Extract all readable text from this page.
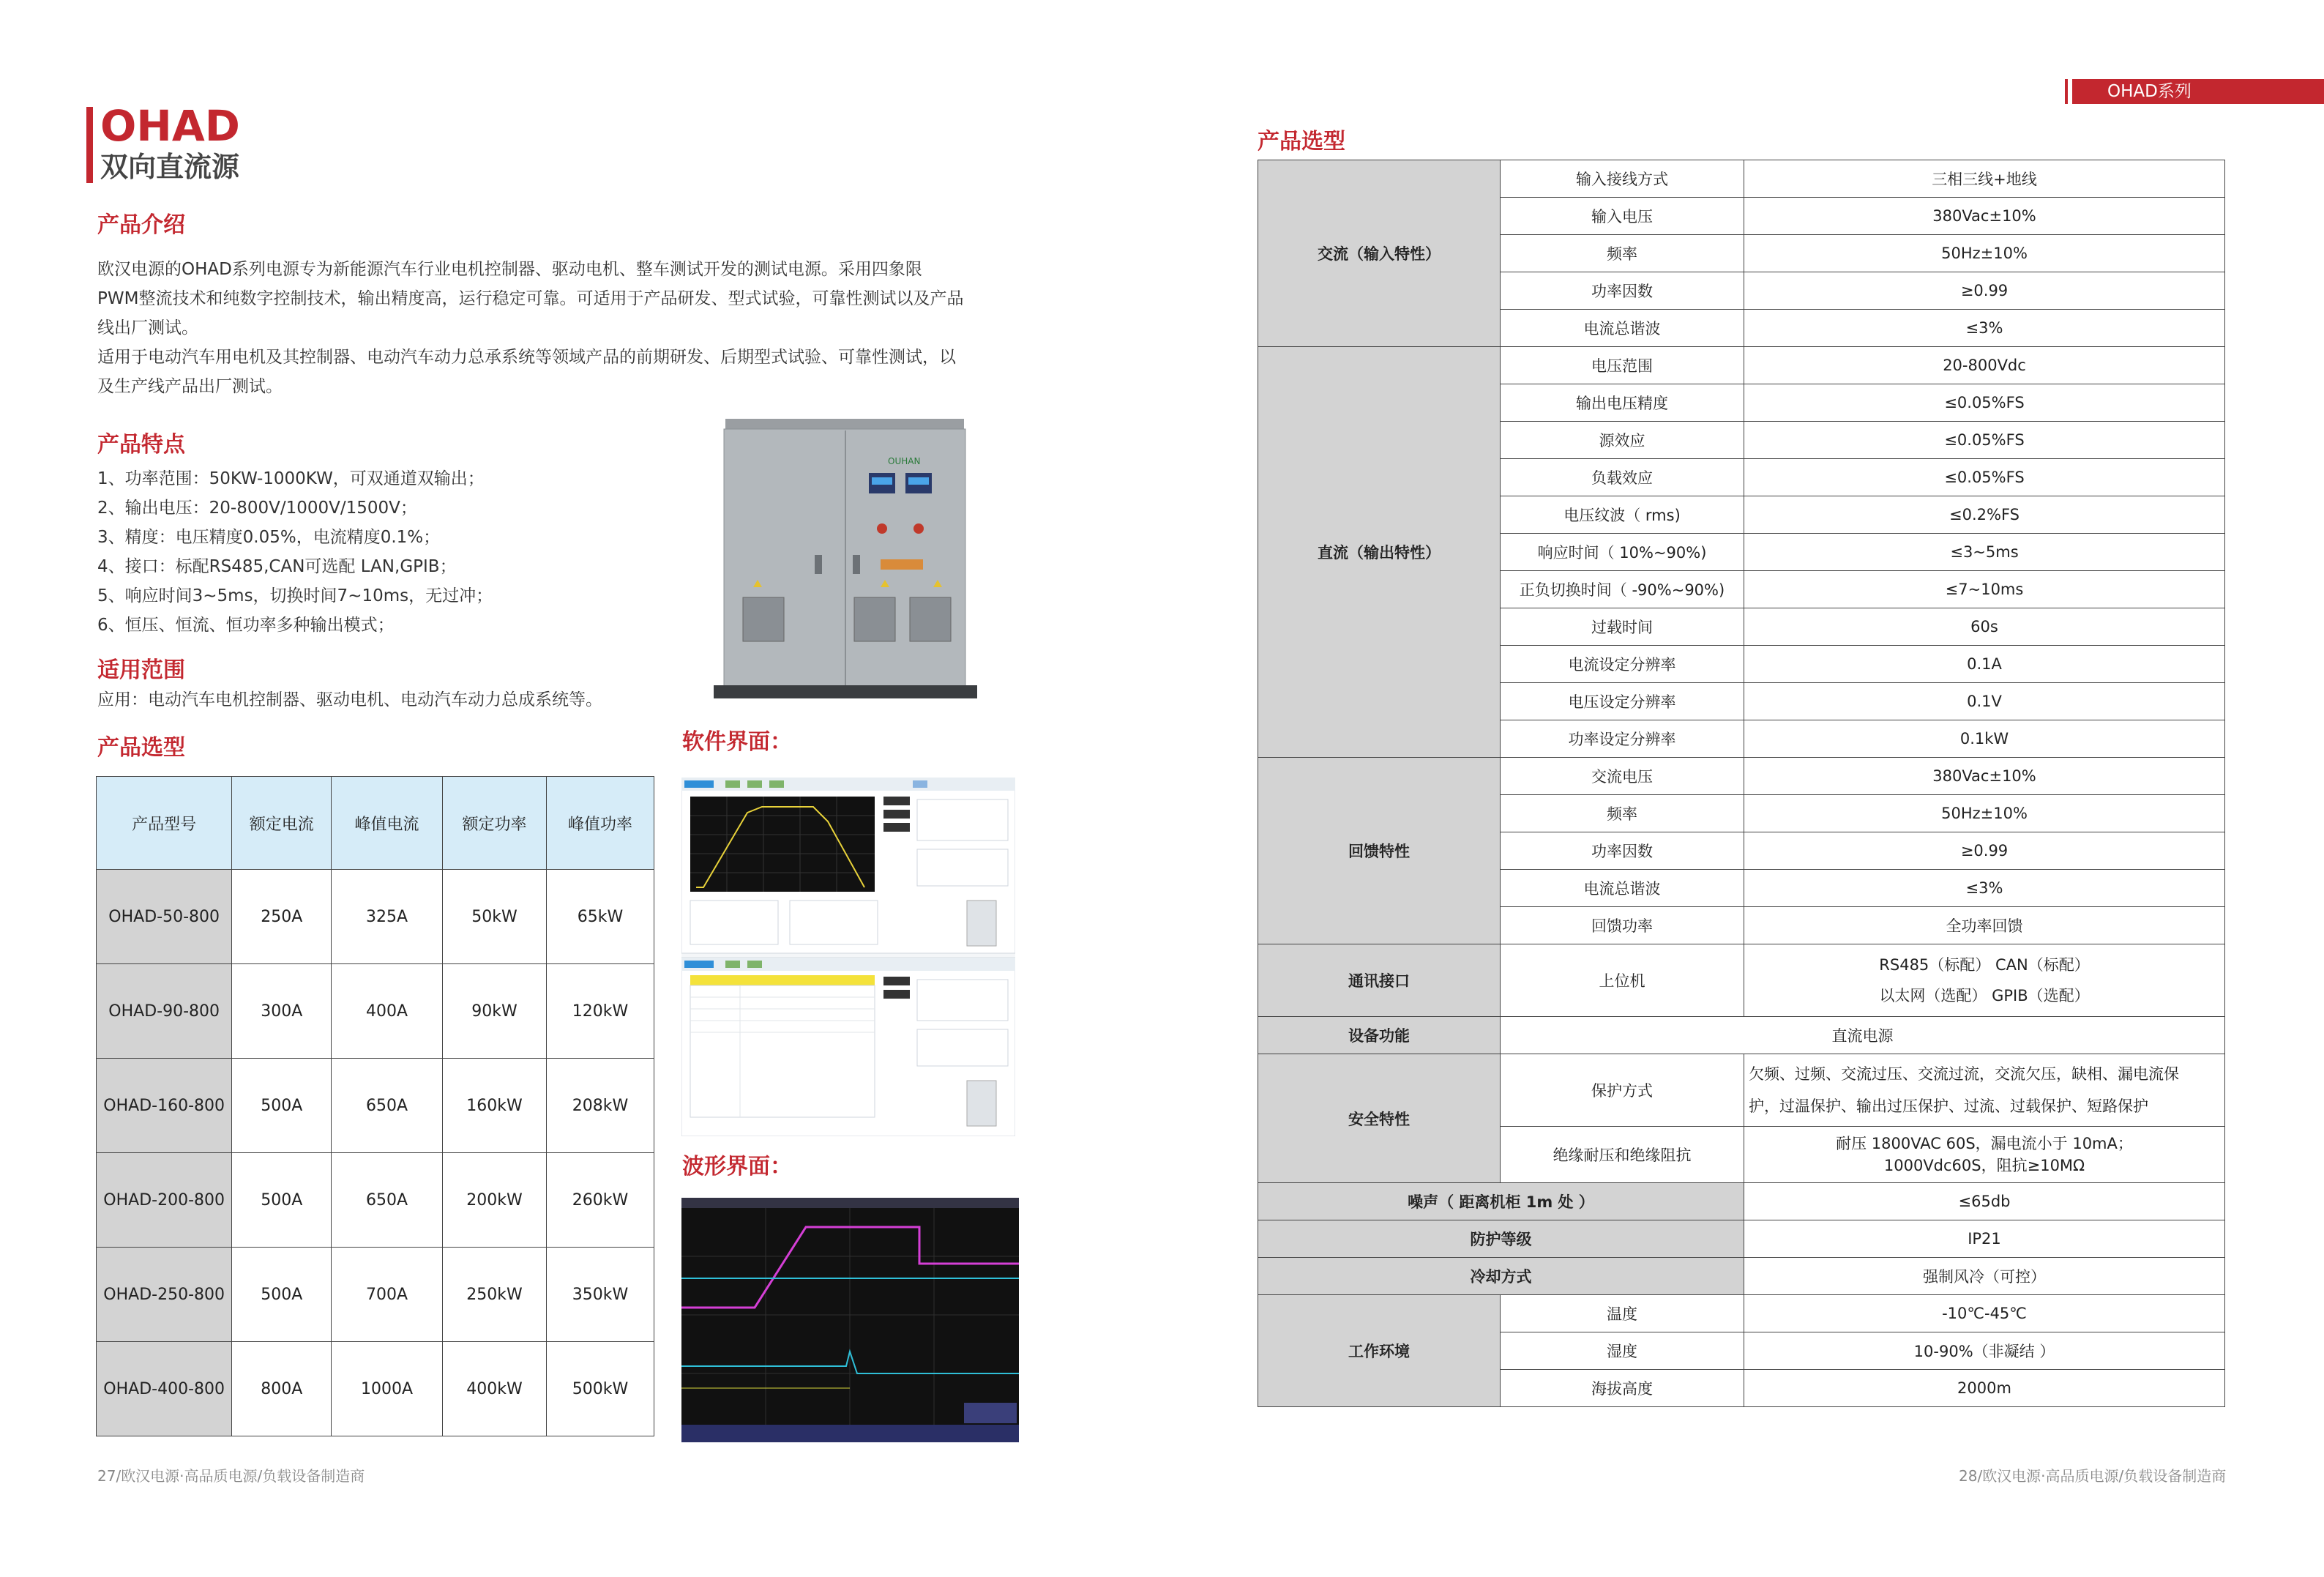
OHAD
双向直流源
产品介绍
欧汉电源的OHAD系列电源专为新能源汽车行业电机控制器、驱动电机、整车测试开发的测试电源。采用四象限
PWM整流技术和纯数字控制技术，输出精度高，运行稳定可靠。可适用于产品研发、型式试验，可靠性测试以及产品
线出厂测试。
适用于电动汽车用电机及其控制器、电动汽车动力总承系统等领域产品的前期研发、后期型式试验、可靠性测试，以
及生产线产品出厂测试。
产品特点
1、功率范围：50KW-1000KW，可双通道双输出；
2、输出电压：20-800V/1000V/1500V；
3、精度：电压精度0.05%，电流精度0.1%；
4、接口：标配RS485,CAN可选配 LAN,GPIB；
5、响应时间3~5ms，切换时间7~10ms，无过冲；
6、恒压、恒流、恒功率多种输出模式；
适用范围
应用：电动汽车电机控制器、驱动电机、电动汽车动力总成系统等。
OUHAN
产品选型
产品型号	额定电流	峰值电流	额定功率	峰值功率
OHAD-50-800	250A	325A	50kW	65kW
OHAD-90-800	300A	400A	90kW	120kW
OHAD-160-800	500A	650A	160kW	208kW
OHAD-200-800	500A	650A	200kW	260kW
OHAD-250-800	500A	700A	250kW	350kW
OHAD-400-800	800A	1000A	400kW	500kW
软件界面：
波形界面：
27/欧汉电源·高品质电源/负载设备制造商
OHAD系列
产品选型
交流（输入特性）	输入接线方式	三相三线+地线
	输入电压	380Vac±10%
	频率	50Hz±10%
	功率因数	≥0.99
	电流总谐波	≤3%
直流（输出特性）	电压范围	20-800Vdc
	输出电压精度	≤0.05%FS
	源效应	≤0.05%FS
	负载效应	≤0.05%FS
	电压纹波（ rms)	≤0.2%FS
	响应时间（ 10%~90%)	≤3~5ms
	正负切换时间（ -90%~90%)	≤7~10ms
	过载时间	60s
	电流设定分辨率	0.1A
	电压设定分辨率	0.1V
	功率设定分辨率	0.1kW
回馈特性	交流电压	380Vac±10%
	频率	50Hz±10%
	功率因数	≥0.99
	电流总谐波	≤3%
	回馈功率	全功率回馈
通讯接口	上位机	RS485（标配） CAN（标配）
以太网（选配） GPIB（选配）

设备功能	直流电源	
安全特性	保护方式	欠频、过频、交流过压、交流过流，交流欠压，缺相、漏电流保
护，过温保护、输出过压保护、过流、过载保护、短路保护

	绝缘耐压和绝缘阻抗	耐压 1800VAC 60S，漏电流小于 10mA；
1000Vdc60S，阻抗≥10MΩ

噪声（ 距离机柜 1m 处 ）		≤65db
防护等级		IP21
冷却方式		强制风冷（可控）
工作环境	温度	-10℃-45℃
	湿度	10-90%（非凝结 ）
	海拔高度	2000m
28/欧汉电源·高品质电源/负载设备制造商
